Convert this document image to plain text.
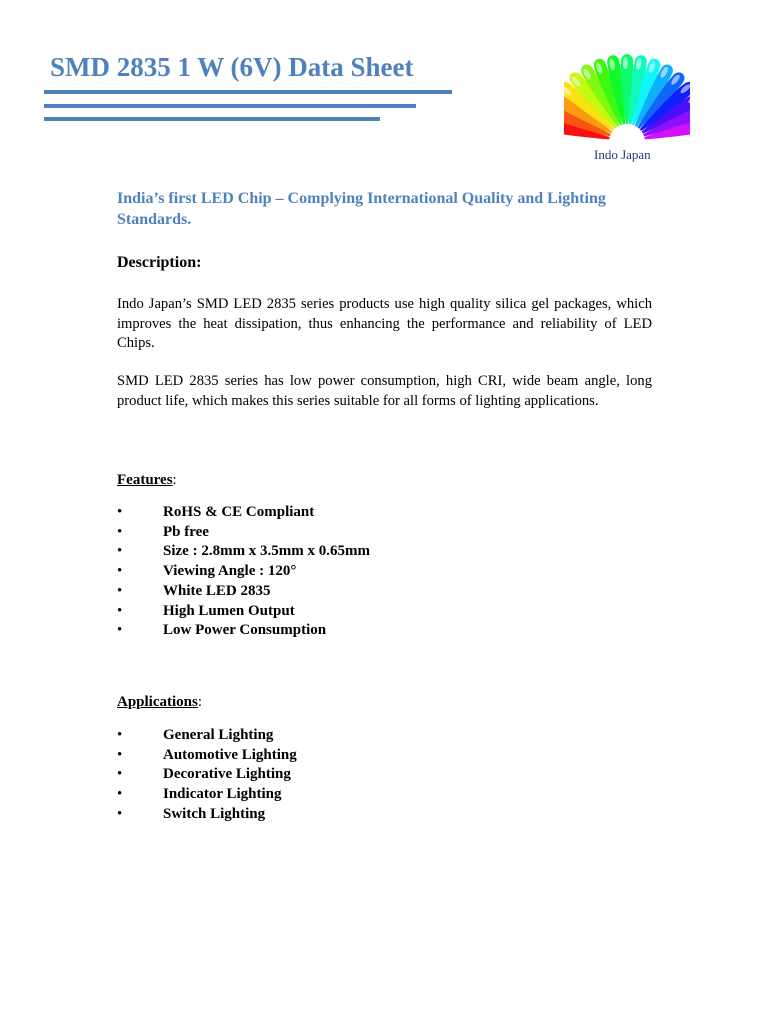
SMD 2835 1 W (6V) Data Sheet
Indo Japan

India’s first LED Chip – Complying International Quality and Lighting Standards.

Description:

Indo Japan’s SMD LED 2835 series products use high quality silica gel packages, which improves the heat dissipation, thus enhancing the performance and reliability of LED Chips.

SMD LED 2835 series has low power consumption, high CRI, wide beam angle, long product life, which makes this series suitable for all forms of lighting applications.

Features:

•	RoHS & CE Compliant
•	Pb free
•	Size : 2.8mm x 3.5mm x 0.65mm
•	Viewing Angle : 120°
•	White LED 2835
•	High Lumen Output
•	Low Power Consumption

Applications:

•	General Lighting
•	Automotive Lighting
•	Decorative Lighting
•	Indicator Lighting
•	Switch Lighting
